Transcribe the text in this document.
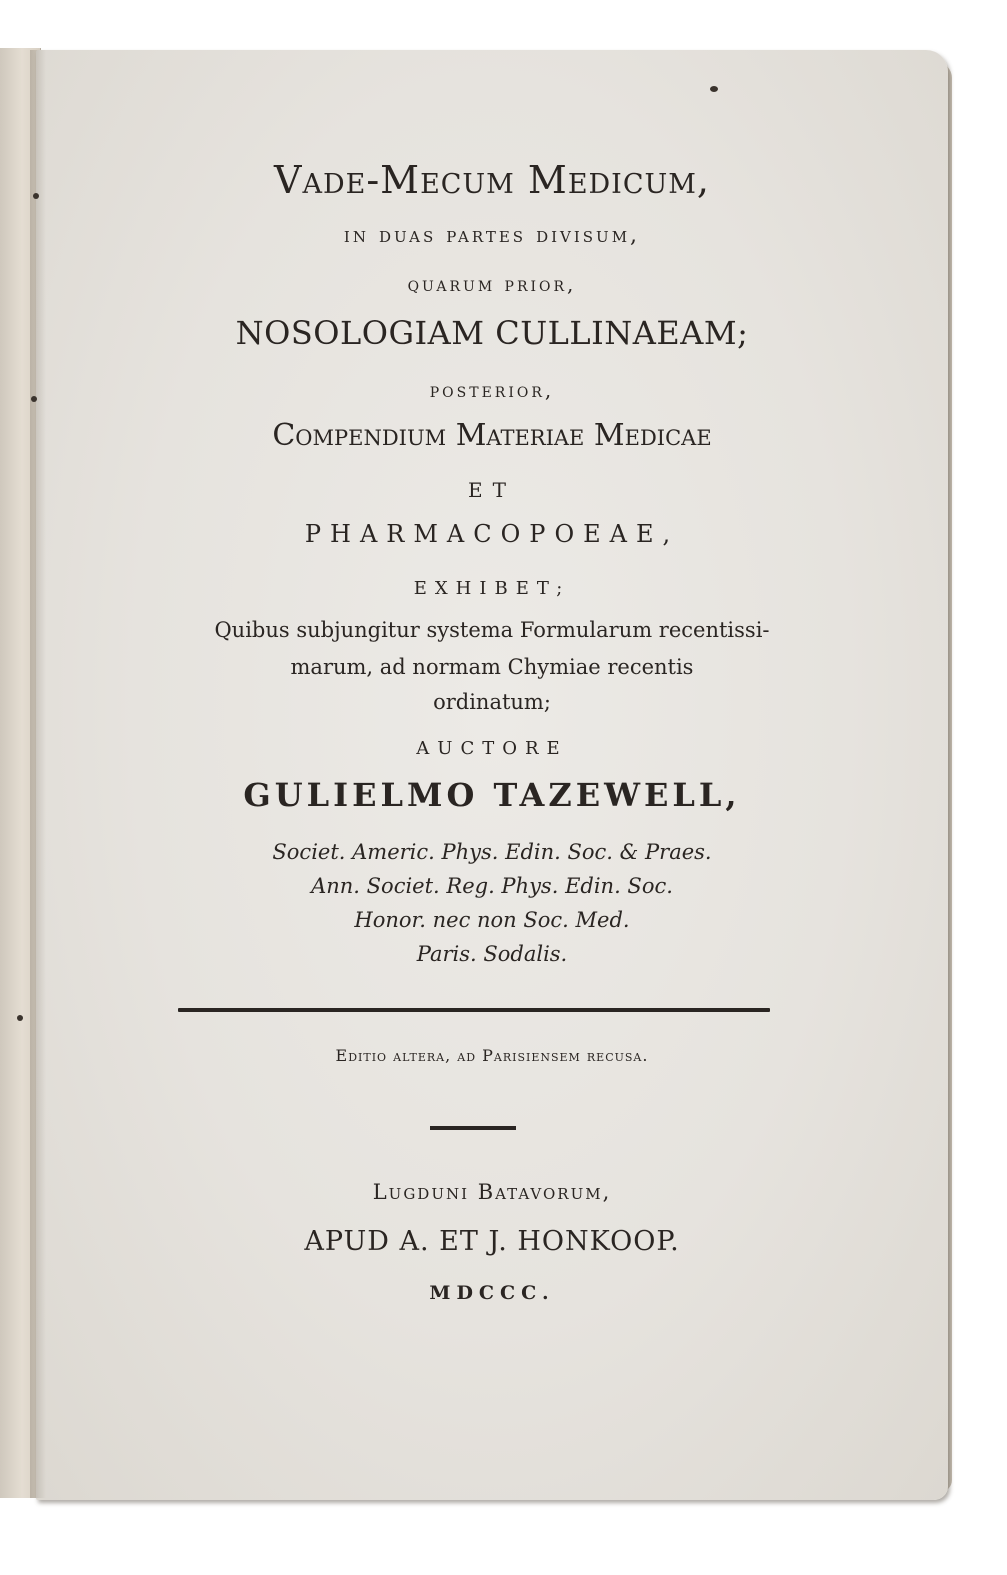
Vade-Mecum Medicum,
in duas partes divisum,
quarum prior,
NOSOLOGIAM CULLINAEAM;
posterior,
Compendium Materiae Medicae
ET
PHARMACOPOEAE,
EXHIBET;
Quibus subjungitur systema Formularum recentissi-
marum, ad normam Chymiae recentis
ordinatum;
AUCTORE
GULIELMO TAZEWELL,
Societ. Americ. Phys. Edin. Soc. & Praes.
Ann. Societ. Reg. Phys. Edin. Soc.
Honor. nec non Soc. Med.
Paris. Sodalis.
Editio altera, ad Parisiensem recusa.
Lugduni Batavorum,
APUD A. ET J. HONKOOP.
MDCCC.
